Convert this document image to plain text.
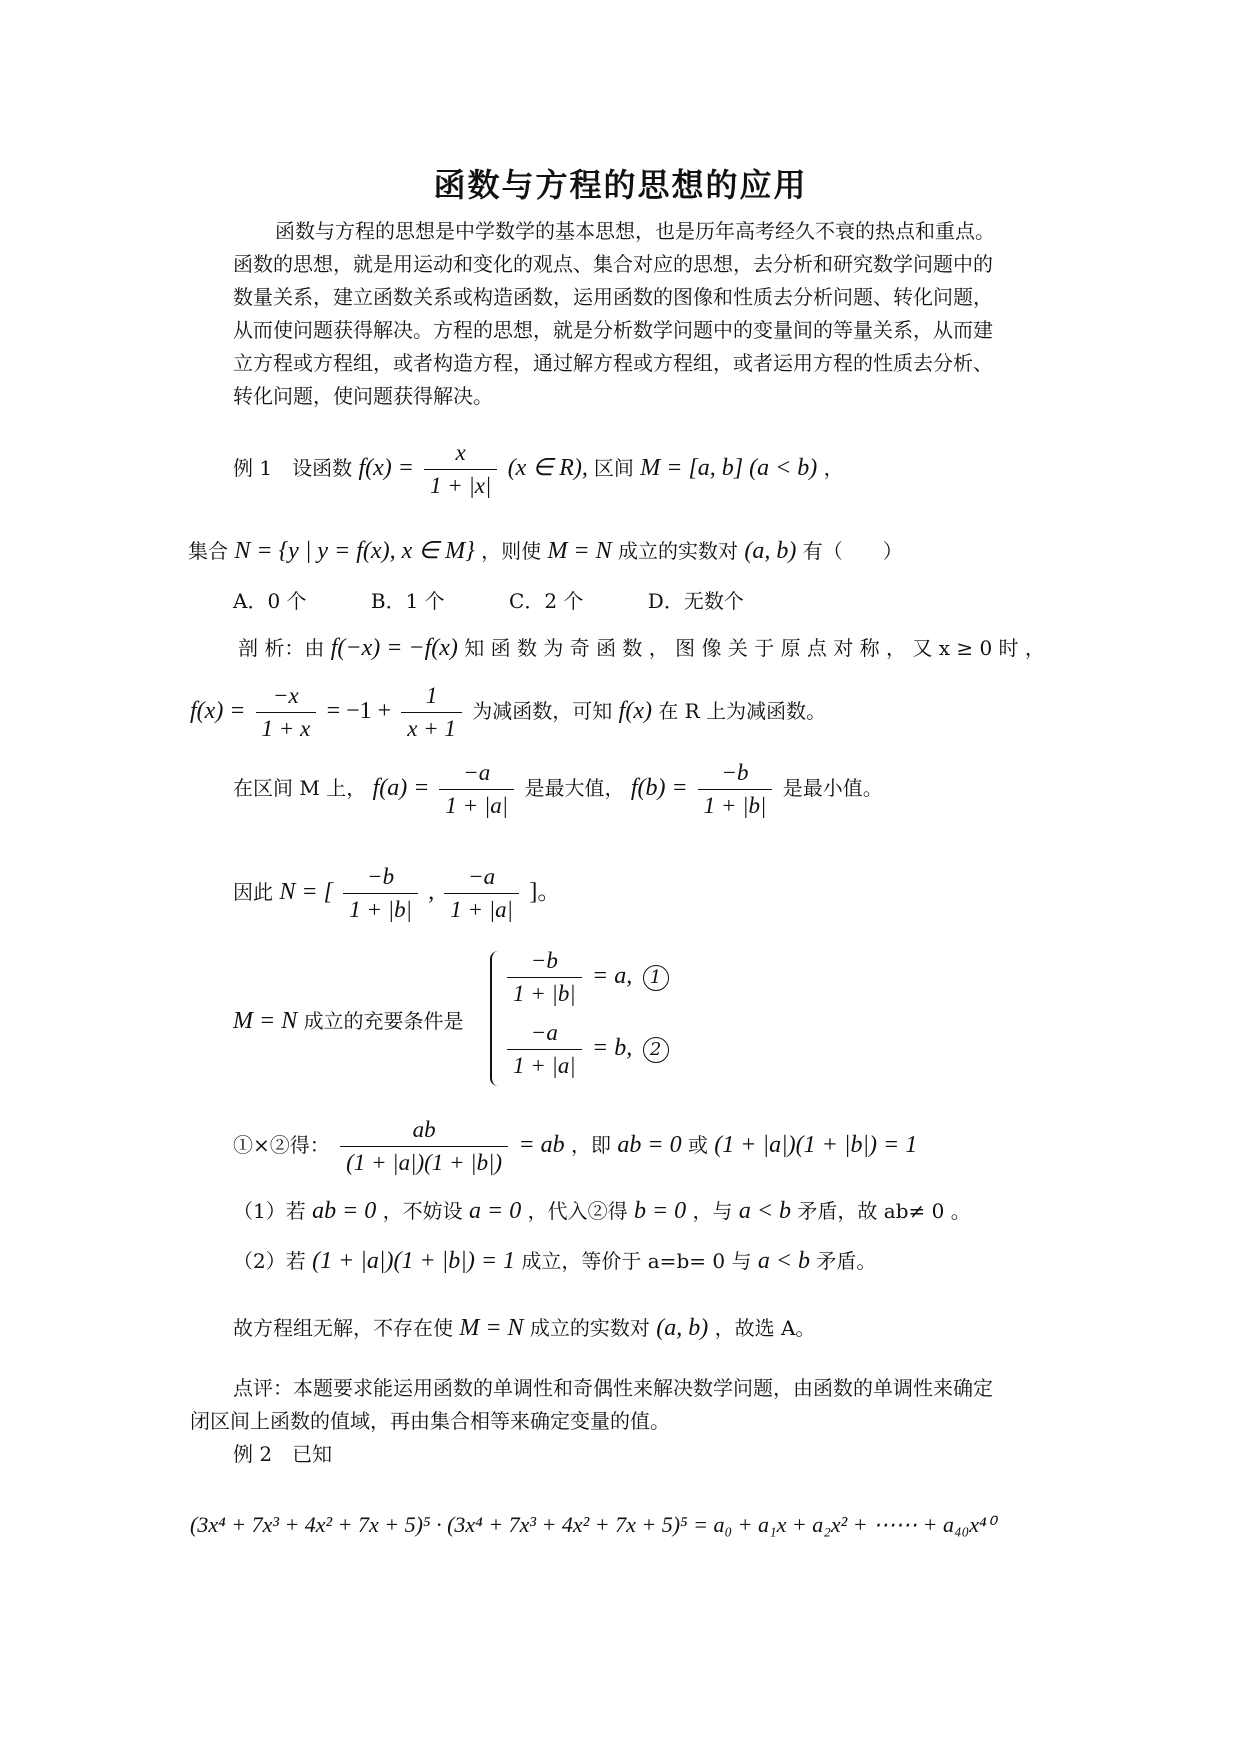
函数与方程的思想的应用
函数与方程的思想是中学数学的基本思想，也是历年高考经久不衰的热点和重点。
函数的思想，就是用运动和变化的观点、集合对应的思想，去分析和研究数学问题中的
数量关系，建立函数关系或构造函数，运用函数的图像和性质去分析问题、转化问题，
从而使问题获得解决。方程的思想，就是分析数学问题中的变量间的等量关系，从而建
立方程或方程组，或者构造方程，通过解方程或方程组，或者运用方程的性质去分析、
转化问题，使问题获得解决。
例 1　设函数 $f(x) = \frac{x}{1 + |x|} (x$ ∈ R), 区间 M = [a, b] (a < b) ，
集合 N = {y | y = f(x), x ∈ M} ，则使 M = N 成立的实数对 (a, b) 有（　　）
A．0 个	B．1 个	C．2 个	D．无数个
剖 析：由 f(−x) = −f(x) 知 函 数 为 奇 函 数 ， 图 像 关 于 原 点 对 称 ， 又 x ≥ 0 时 ，
$f(x) = \frac{-x}{1 + x} = -1 + \frac{1}{x + 1}$ 为减函数，可知 f(x) 在 R 上为减函数。
在区间 M 上， $f(a) = \frac{-a}{1 + |a|}$ 是最大值， $f(b) = \frac{-b}{1 + |b|}$ 是最小值。
因此 N = [ $\frac{-b}{1 + |b|}$ , $\frac{-a}{1 + |a|}$ ]。
M = N 成立的充要条件是
$\frac{-b}{1 + |b|} = a$, 1
$\frac{-a}{1 + |a|} = b$, 2
①×②得： $\frac{ab}{(1 + |a|)(1 + |b|)}$ = ab ，即 ab = 0 或 (1 + |a|)(1 + |b|) = 1
（1）若 ab = 0 ，不妨设 a = 0 ，代入②得 b = 0 ，与 a < b 矛盾，故 ab≠ 0 。
（2）若 (1 + |a|)(1 + |b|) = 1 成立，等价于 a=b= 0 与 a < b 矛盾。
故方程组无解，不存在使 M = N 成立的实数对 (a, b) ，故选 A。
点评：本题要求能运用函数的单调性和奇偶性来解决数学问题，由函数的单调性来确定
闭区间上函数的值域，再由集合相等来确定变量的值。
例 2　已知
(3x⁴ + 7x³ + 4x² + 7x + 5)⁵ · (3x⁴ + 7x³ + 4x² + 7x + 5)⁵ = a₀ + a₁x + a₂x² + ⋯⋯ + a₄₀x⁴⁰
